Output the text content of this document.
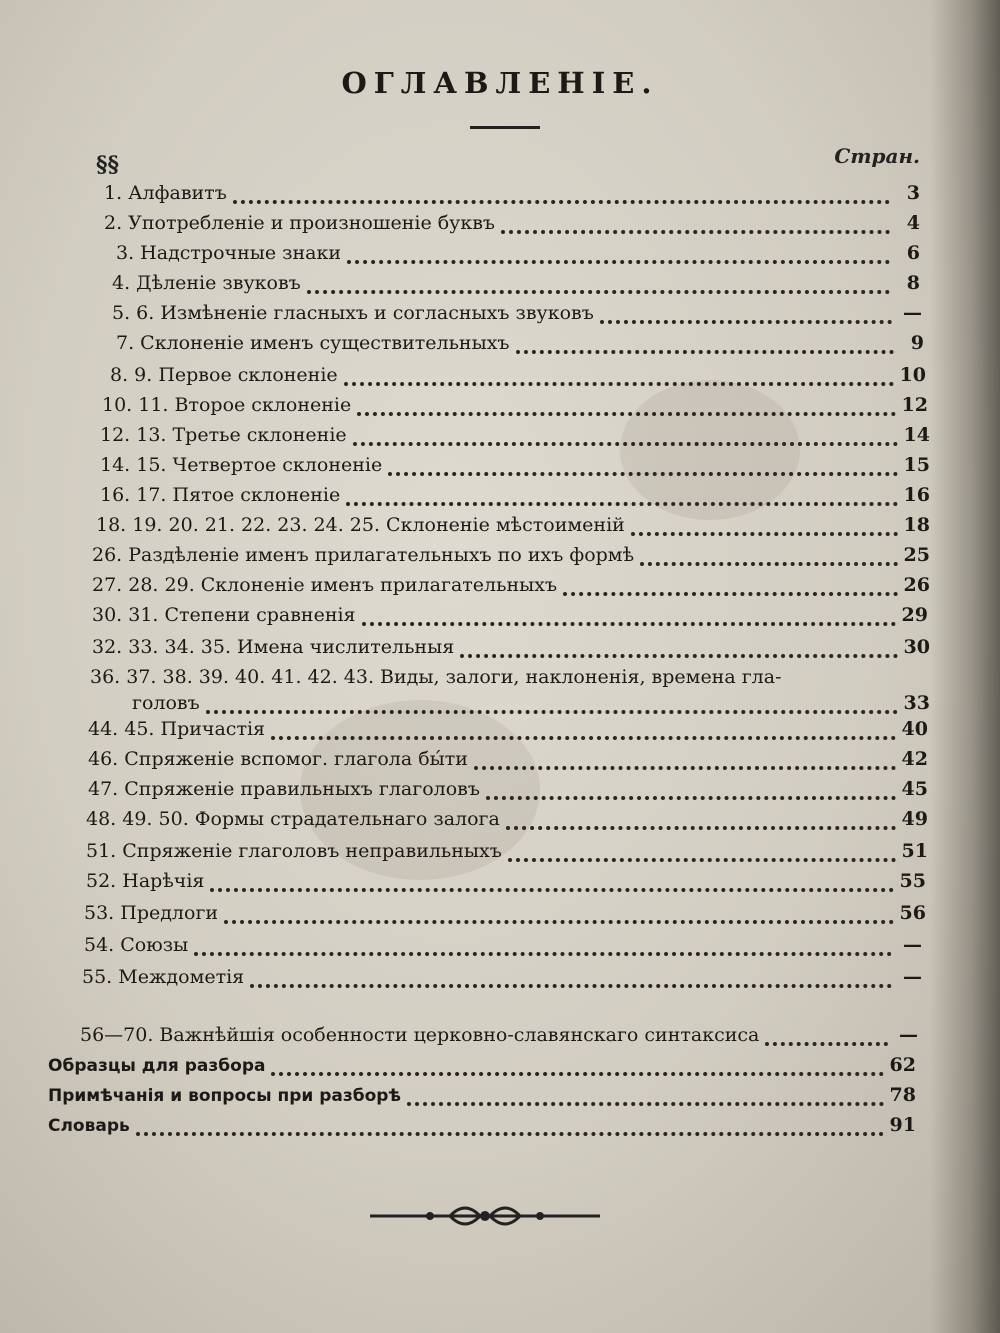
ОГЛАВЛЕНІЕ.
§§	Стран.
1. Алфавитъ	3
2. Употребленіе и произношеніе буквъ	4
3. Надстрочные знаки	6
4. Дѣленіе звуковъ	8
5. 6. Измѣненіе гласныхъ и согласныхъ звуковъ	—
7. Склоненіе именъ существительныхъ	9
8. 9. Первое склоненіе	10
10. 11. Второе склоненіе	12
12. 13. Третье склоненіе	14
14. 15. Четвертое склоненіе	15
16. 17. Пятое склоненіе	16
18. 19. 20. 21. 22. 23. 24. 25. Склоненіе мѣстоименій	18
26. Раздѣленіе именъ прилагательныхъ по ихъ формѣ	25
27. 28. 29. Склоненіе именъ прилагательныхъ	26
30. 31. Степени сравненія	29
32. 33. 34. 35. Имена числительныя	30
36. 37. 38. 39. 40. 41. 42. 43. Виды, залоги, наклоненія, времена гла-
головъ	33
44. 45. Причастія	40
46. Спряженіе вспомог. глагола бы́ти	42
47. Спряженіе правильныхъ глаголовъ	45
48. 49. 50. Формы страдательнаго залога	49
51. Спряженіе глаголовъ неправильныхъ	51
52. Нарѣчія	55
53. Предлоги	56
54. Союзы	—
55. Междометія	—
56—70. Важнѣйшія особенности церковно-славянскаго синтаксиса	—
Образцы для разбора	62
Примѣчанія и вопросы при разборѣ	78
Словарь	91
